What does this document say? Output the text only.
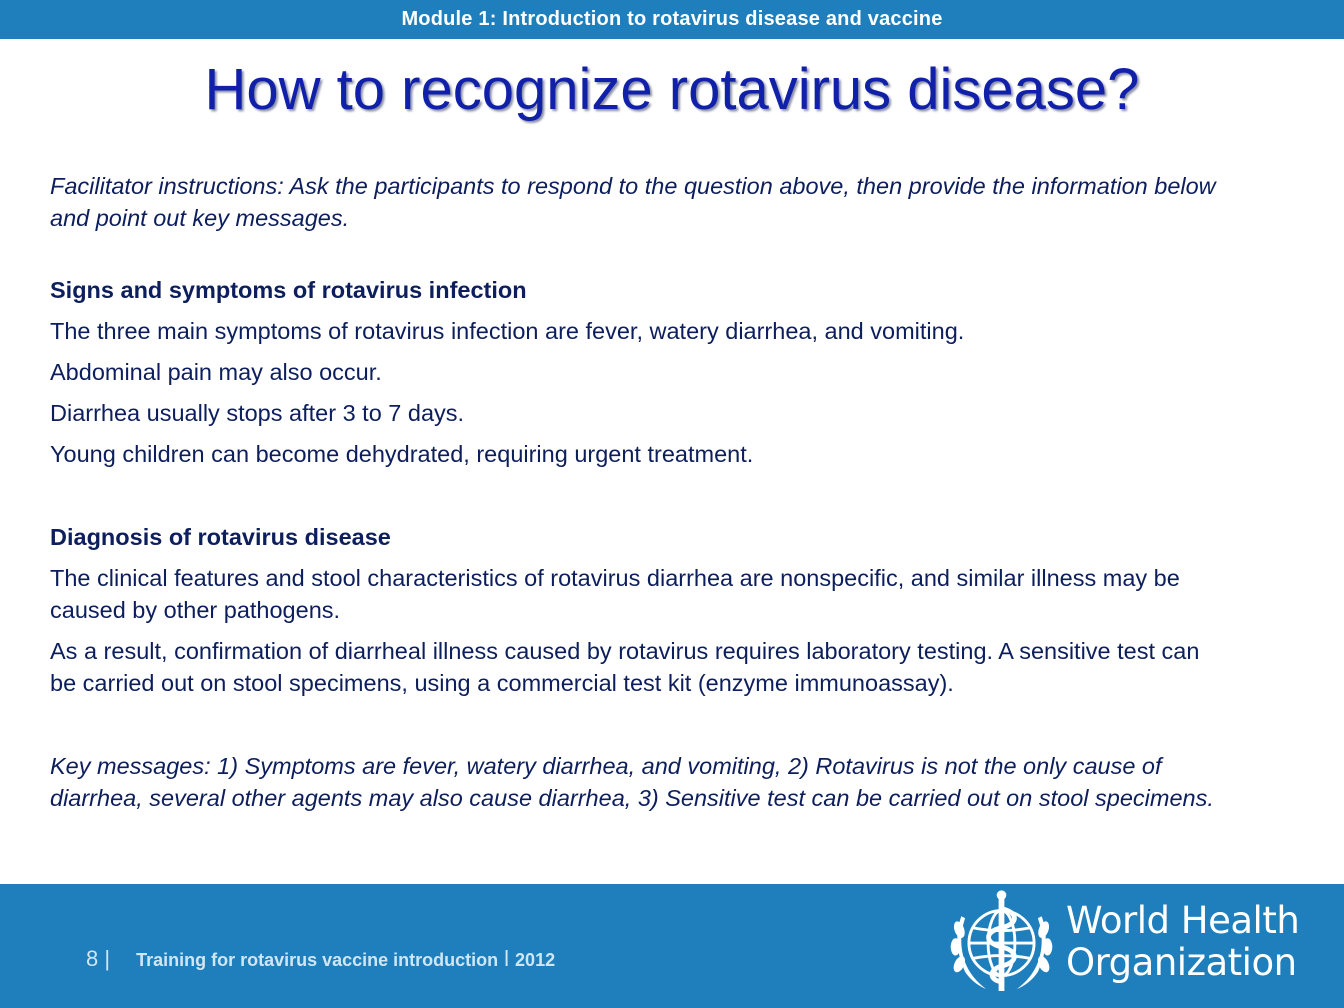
Module 1: Introduction to rotavirus disease and vaccine
How to recognize rotavirus disease?

Facilitator instructions: Ask the participants to respond to the question above, then provide the information below and point out key messages.

Signs and symptoms of rotavirus infection

The three main symptoms of rotavirus infection are fever, watery diarrhea, and vomiting.

Abdominal pain may also occur.

Diarrhea usually stops after 3 to 7 days.

Young children can become dehydrated, requiring urgent treatment.

Diagnosis of rotavirus disease

The clinical features and stool characteristics of rotavirus diarrhea are nonspecific, and similar illness may be caused by other pathogens.

As a result, confirmation of diarrheal illness caused by rotavirus requires laboratory testing. A sensitive test can be carried out on stool specimens, using a commercial test kit (enzyme immunoassay).

Key messages: 1) Symptoms are fever, watery diarrhea, and vomiting, 2) Rotavirus is not the only cause of diarrhea, several other agents may also cause diarrhea, 3) Sensitive test can be carried out on stool specimens.

8 | Training for rotavirus vaccine introduction l 2012
World Health
Organization
